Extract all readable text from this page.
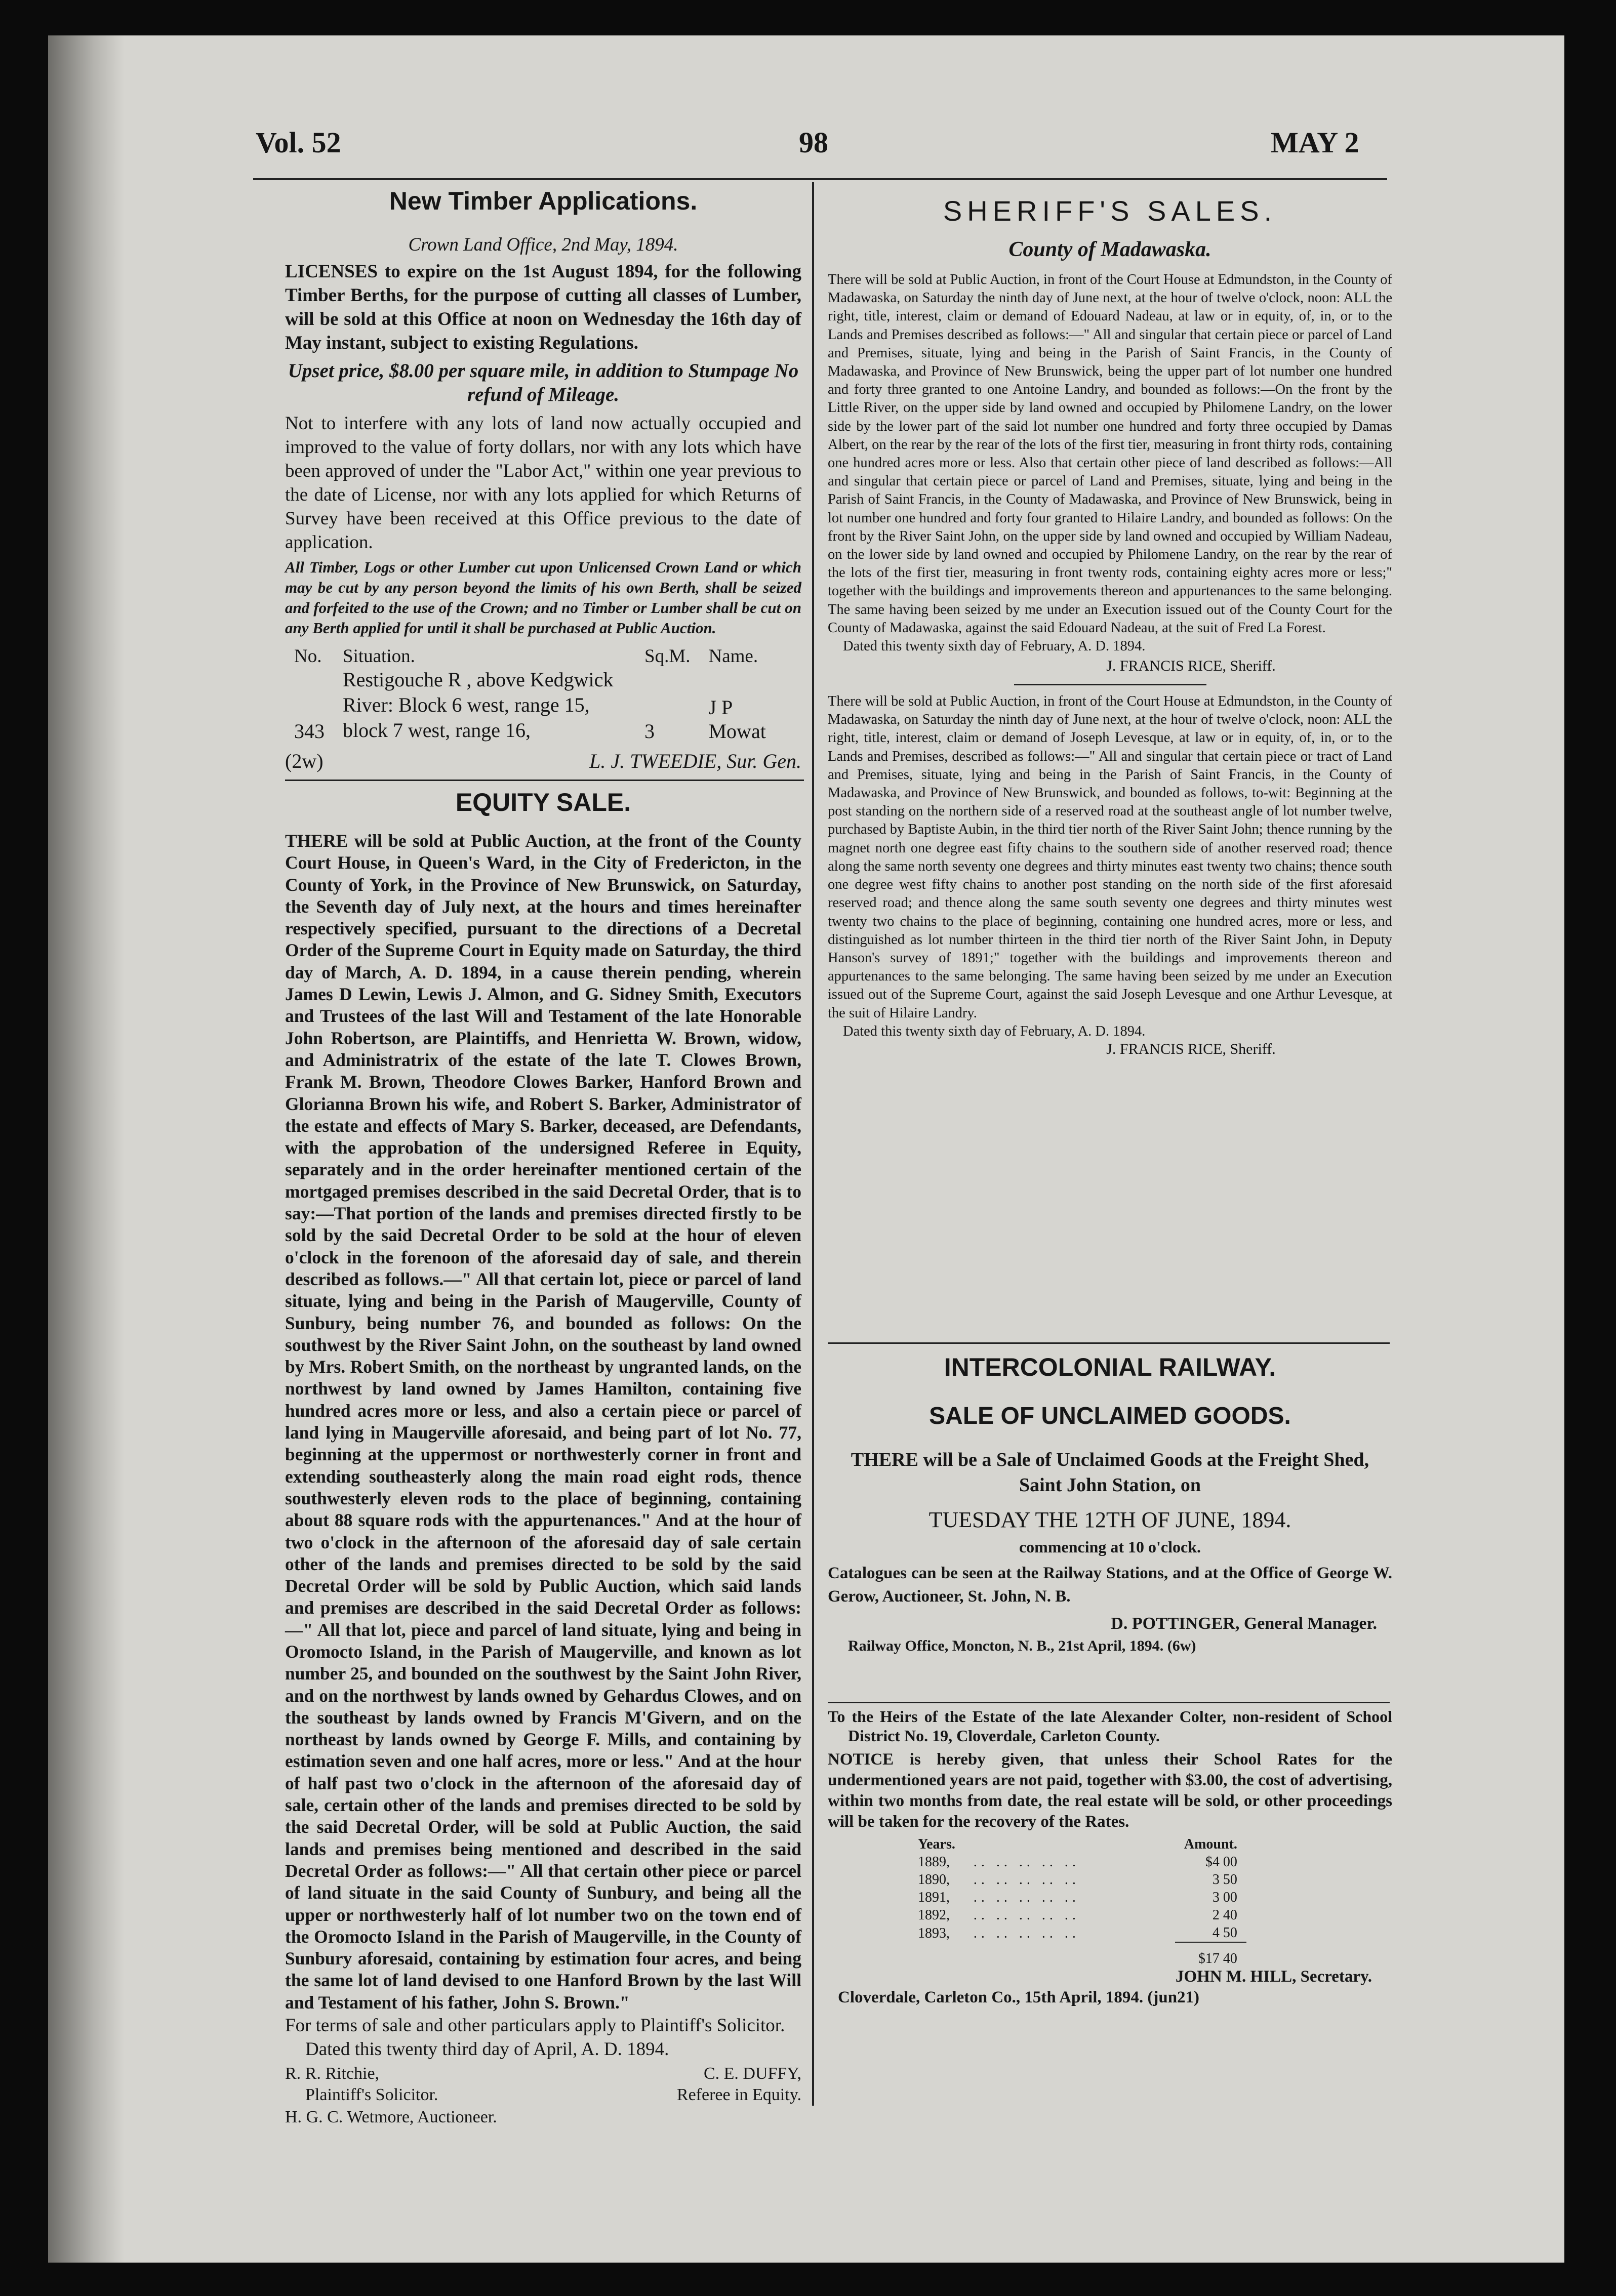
Vol. 52	98	MAY 2
New Timber Applications.
Crown Land Office, 2nd May, 1894.

LICENSES to expire on the 1st August 1894, for the following Timber Berths, for the purpose of cutting all classes of Lumber, will be sold at this Office at noon on Wednesday the 16th day of May instant, subject to existing Regulations.

Upset price, $8.00 per square mile, in addition to Stumpage No refund of Mileage.

Not to interfere with any lots of land now actually occupied and improved to the value of forty dollars, nor with any lots which have been approved of under the "Labor Act," within one year previous to the date of License, nor with any lots applied for which Returns of Survey have been received at this Office previous to the date of application.

All Timber, Logs or other Lumber cut upon Unlicensed Crown Land or which may be cut by any person beyond the limits of his own Berth, shall be seized and forfeited to the use of the Crown; and no Timber or Lumber shall be cut on any Berth applied for until it shall be purchased at Public Auction.

No.	Situation.	Sq.M.	Name.
343	Restigouche R , above Kedgwick River: Block 6 west, range 15, block 7 west, range 16,	3	J P Mowat
(2w)	L. J. TWEEDIE, Sur. Gen.
EQUITY SALE.

THERE will be sold at Public Auction, at the front of the County Court House, in Queen's Ward, in the City of Fredericton, in the County of York, in the Province of New Brunswick, on Saturday, the Seventh day of July next, at the hours and times hereinafter respectively specified, pursuant to the directions of a Decretal Order of the Supreme Court in Equity made on Saturday, the third day of March, A. D. 1894, in a cause therein pending, wherein James D Lewin, Lewis J. Almon, and G. Sidney Smith, Executors and Trustees of the last Will and Testament of the late Honorable John Robertson, are Plaintiffs, and Henrietta W. Brown, widow, and Administratrix of the estate of the late T. Clowes Brown, Frank M. Brown, Theodore Clowes Barker, Hanford Brown and Glorianna Brown his wife, and Robert S. Barker, Administrator of the estate and effects of Mary S. Barker, deceased, are Defendants, with the approbation of the undersigned Referee in Equity, separately and in the order hereinafter mentioned certain of the mortgaged premises described in the said Decretal Order, that is to say:—That portion of the lands and premises directed firstly to be sold by the said Decretal Order to be sold at the hour of eleven o'clock in the forenoon of the aforesaid day of sale, and therein described as follows.—" All that certain lot, piece or parcel of land situate, lying and being in the Parish of Maugerville, County of Sunbury, being number 76, and bounded as follows: On the southwest by the River Saint John, on the southeast by land owned by Mrs. Robert Smith, on the northeast by ungranted lands, on the northwest by land owned by James Hamilton, containing five hundred acres more or less, and also a certain piece or parcel of land lying in Maugerville aforesaid, and being part of lot No. 77, beginning at the uppermost or northwesterly corner in front and extending southeasterly along the main road eight rods, thence southwesterly eleven rods to the place of beginning, containing about 88 square rods with the appurtenances." And at the hour of two o'clock in the afternoon of the aforesaid day of sale certain other of the lands and premises directed to be sold by the said Decretal Order will be sold by Public Auction, which said lands and premises are described in the said Decretal Order as follows:—" All that lot, piece and parcel of land situate, lying and being in Oromocto Island, in the Parish of Maugerville, and known as lot number 25, and bounded on the southwest by the Saint John River, and on the northwest by lands owned by Gehardus Clowes, and on the southeast by lands owned by Francis M'Givern, and on the northeast by lands owned by George F. Mills, and containing by estimation seven and one half acres, more or less." And at the hour of half past two o'clock in the afternoon of the aforesaid day of sale, certain other of the lands and premises directed to be sold by the said Decretal Order, will be sold at Public Auction, the said lands and premises being mentioned and described in the said Decretal Order as follows:—" All that certain other piece or parcel of land situate in the said County of Sunbury, and being all the upper or northwesterly half of lot number two on the town end of the Oromocto Island in the Parish of Maugerville, in the County of Sunbury aforesaid, containing by estimation four acres, and being the same lot of land devised to one Hanford Brown by the last Will and Testament of his father, John S. Brown."

For terms of sale and other particulars apply to Plaintiff's Solicitor.

Dated this twenty third day of April, A. D. 1894.

R. R. Ritchie,
Plaintiff's Solicitor.
C. E. DUFFY,
Referee in Equity.
H. G. C. Wetmore, Auctioneer.
SHERIFF'S SALES.
County of Madawaska.

There will be sold at Public Auction, in front of the Court House at Edmundston, in the County of Madawaska, on Saturday the ninth day of June next, at the hour of twelve o'clock, noon: ALL the right, title, interest, claim or demand of Edouard Nadeau, at law or in equity, of, in, or to the Lands and Premises described as follows:—" All and singular that certain piece or parcel of Land and Premises, situate, lying and being in the Parish of Saint Francis, in the County of Madawaska, and Province of New Brunswick, being the upper part of lot number one hundred and forty three granted to one Antoine Landry, and bounded as follows:—On the front by the Little River, on the upper side by land owned and occupied by Philomene Landry, on the lower side by the lower part of the said lot number one hundred and forty three occupied by Damas Albert, on the rear by the rear of the lots of the first tier, measuring in front thirty rods, containing one hundred acres more or less. Also that certain other piece of land described as follows:—All and singular that certain piece or parcel of Land and Premises, situate, lying and being in the Parish of Saint Francis, in the County of Madawaska, and Province of New Brunswick, being in lot number one hundred and forty four granted to Hilaire Landry, and bounded as follows: On the front by the River Saint John, on the upper side by land owned and occupied by William Nadeau, on the lower side by land owned and occupied by Philomene Landry, on the rear by the rear of the lots of the first tier, measuring in front twenty rods, containing eighty acres more or less;" together with the buildings and improvements thereon and appurtenances to the same belonging. The same having been seized by me under an Execution issued out of the County Court for the County of Madawaska, against the said Edouard Nadeau, at the suit of Fred La Forest.

Dated this twenty sixth day of February, A. D. 1894.

J. FRANCIS RICE, Sheriff.

There will be sold at Public Auction, in front of the Court House at Edmundston, in the County of Madawaska, on Saturday the ninth day of June next, at the hour of twelve o'clock, noon: ALL the right, title, interest, claim or demand of Joseph Levesque, at law or in equity, of, in, or to the Lands and Premises, described as follows:—" All and singular that certain piece or tract of Land and Premises, situate, lying and being in the Parish of Saint Francis, in the County of Madawaska, and Province of New Brunswick, and bounded as follows, to-wit: Beginning at the post standing on the northern side of a reserved road at the southeast angle of lot number twelve, purchased by Baptiste Aubin, in the third tier north of the River Saint John; thence running by the magnet north one degree east fifty chains to the southern side of another reserved road; thence along the same north seventy one degrees and thirty minutes east twenty two chains; thence south one degree west fifty chains to another post standing on the north side of the first aforesaid reserved road; and thence along the same south seventy one degrees and thirty minutes west twenty two chains to the place of beginning, containing one hundred acres, more or less, and distinguished as lot number thirteen in the third tier north of the River Saint John, in Deputy Hanson's survey of 1891;" together with the buildings and improvements thereon and appurtenances to the same belonging. The same having been seized by me under an Execution issued out of the Supreme Court, against the said Joseph Levesque and one Arthur Levesque, at the suit of Hilaire Landry.

Dated this twenty sixth day of February, A. D. 1894.

J. FRANCIS RICE, Sheriff.
INTERCOLONIAL RAILWAY.
SALE OF UNCLAIMED GOODS.

THERE will be a Sale of Unclaimed Goods at the Freight Shed, Saint John Station, on

TUESDAY THE 12TH OF JUNE, 1894.
commencing at 10 o'clock.

Catalogues can be seen at the Railway Stations, and at the Office of George W. Gerow, Auctioneer, St. John, N. B.

D. POTTINGER, General Manager.
Railway Office, Moncton, N. B., 21st April, 1894. (6w)

To the Heirs of the Estate of the late Alexander Colter, non-resident of School District No. 19, Cloverdale, Carleton County.

NOTICE is hereby given, that unless their School Rates for the undermentioned years are not paid, together with $3.00, the cost of advertising, within two months from date, the real estate will be sold, or other proceedings will be taken for the recovery of the Rates.

Years.		Amount.
1889,	.. .. .. .. ..	$4 00
1890,	.. .. .. .. ..	3 50
1891,	.. .. .. .. ..	3 00
1892,	.. .. .. .. ..	2 40
1893,	.. .. .. .. ..	4 50
		$17 40
JOHN M. HILL, Secretary.
Cloverdale, Carleton Co., 15th April, 1894. (jun21)
